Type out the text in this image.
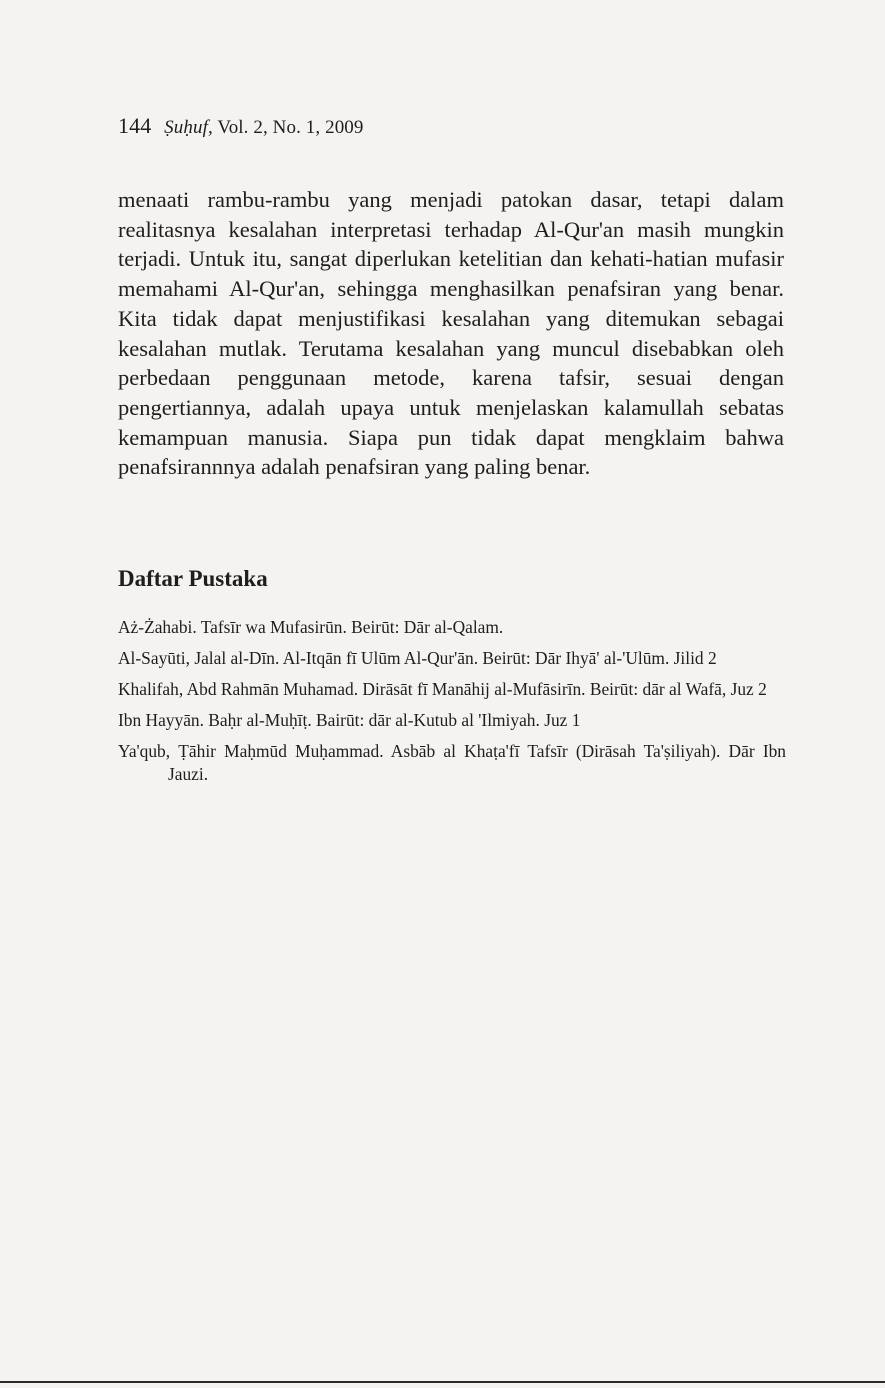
144 Ṣuḥuf, Vol. 2, No. 1, 2009

menaati rambu-rambu yang menjadi patokan dasar, tetapi dalam realitasnya kesalahan interpretasi terhadap Al-Qur'an masih mungkin terjadi. Untuk itu, sangat diperlukan ketelitian dan kehati-hatian mufasir memahami Al-Qur'an, sehingga menghasilkan penafsiran yang benar. Kita tidak dapat menjustifikasi kesalahan yang ditemukan sebagai kesalahan mutlak. Terutama kesalahan yang muncul disebabkan oleh perbedaan penggunaan metode, karena tafsir, sesuai dengan pengertiannya, adalah upaya untuk menjelaskan kalamullah sebatas kemampuan manusia. Siapa pun tidak dapat mengklaim bahwa penafsirannnya adalah penafsiran yang paling benar.

Daftar Pustaka
Aż-Żahabi. Tafsīr wa Mufasirūn. Beirūt: Dār al-Qalam.
Al-Sayūti, Jalal al-Dīn. Al-Itqān fī Ulūm Al-Qur'ān. Beirūt: Dār Ihyā' al-'Ulūm. Jilid 2
Khalifah, Abd Rahmān Muhamad. Dirāsāt fī Manāhij al-Mufāsirīn. Beirūt: dār al Wafā, Juz 2
Ibn Hayyān. Baḥr al-Muḥīṭ. Bairūt: dār al-Kutub al 'Ilmiyah. Juz 1
Ya'qub, Ṭāhir Maḥmūd Muḥammad. Asbāb al Khaṭa'fī Tafsīr (Dirāsah Ta'ṣiliyah). Dār Ibn Jauzi.
